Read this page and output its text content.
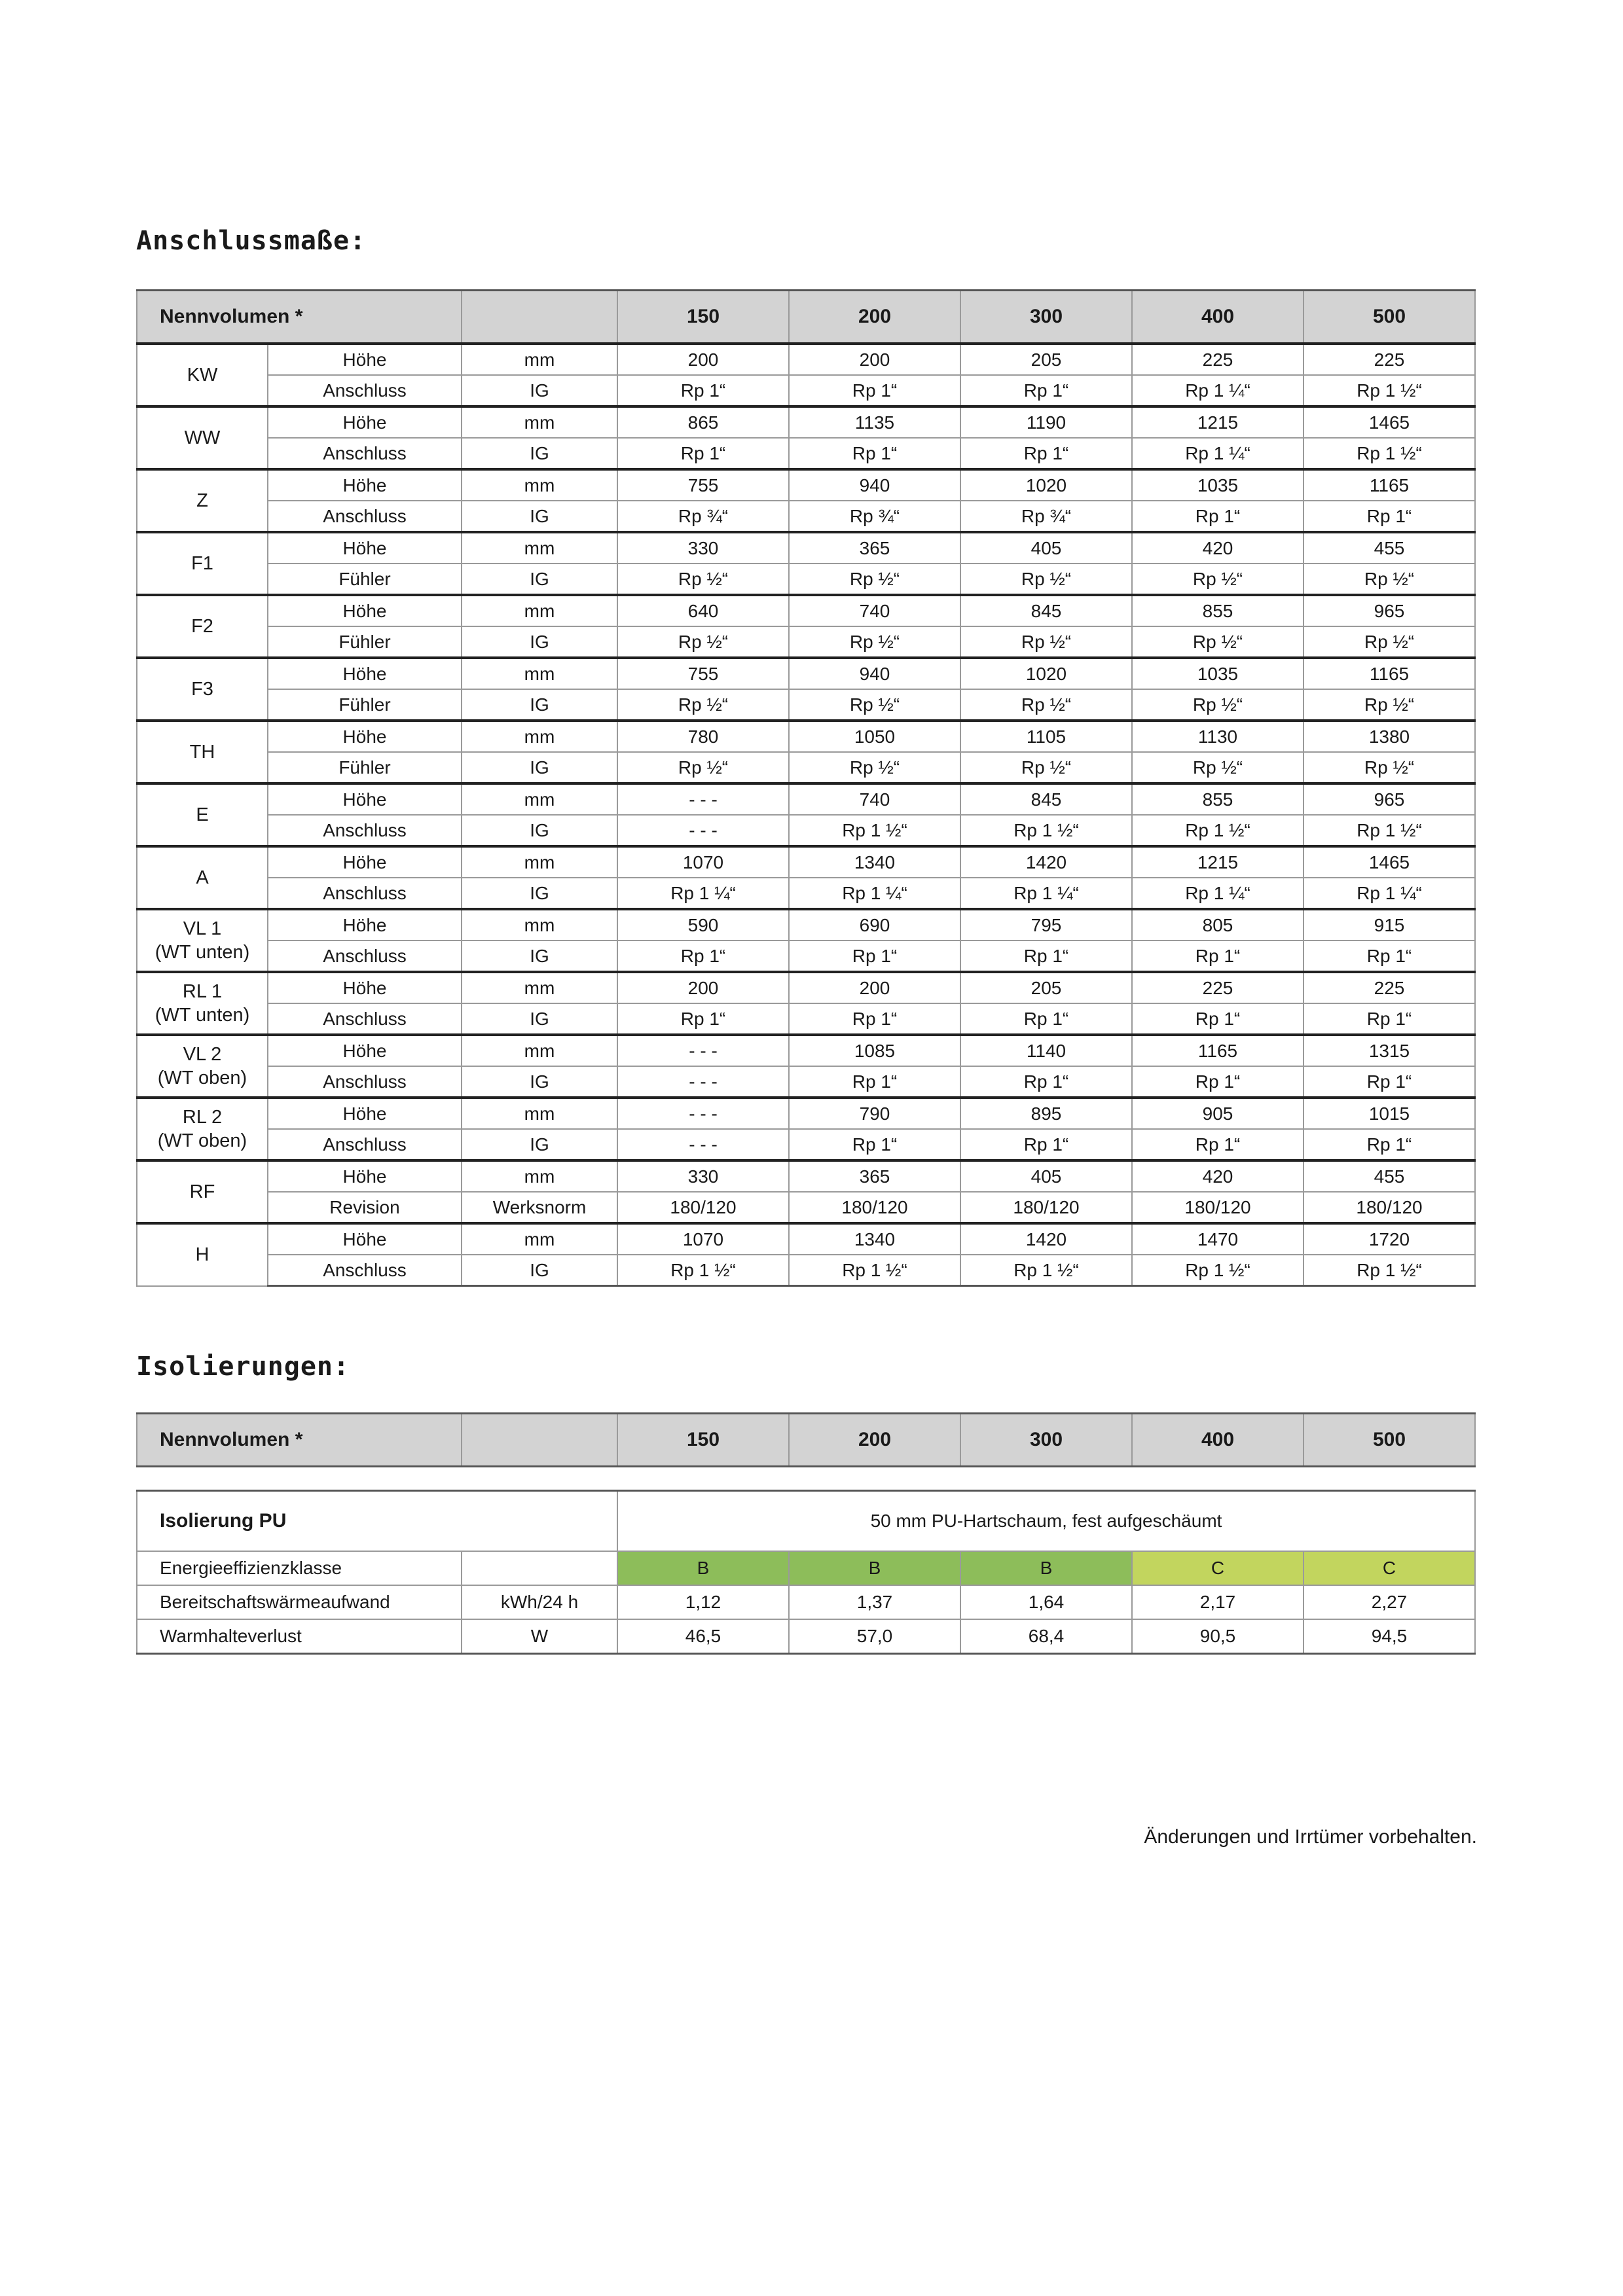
Anschlussmaße:
Nennvolumen *			150	200	300	400	500
KW	Höhe	mm	200	200	205	225	225
	Anschluss	IG	Rp 1“	Rp 1“	Rp 1“	Rp 1 ¼“	Rp 1 ½“
WW	Höhe	mm	865	1135	1190	1215	1465
	Anschluss	IG	Rp 1“	Rp 1“	Rp 1“	Rp 1 ¼“	Rp 1 ½“
Z	Höhe	mm	755	940	1020	1035	1165
	Anschluss	IG	Rp ¾“	Rp ¾“	Rp ¾“	Rp 1“	Rp 1“
F1	Höhe	mm	330	365	405	420	455
	Fühler	IG	Rp ½“	Rp ½“	Rp ½“	Rp ½“	Rp ½“
F2	Höhe	mm	640	740	845	855	965
	Fühler	IG	Rp ½“	Rp ½“	Rp ½“	Rp ½“	Rp ½“
F3	Höhe	mm	755	940	1020	1035	1165
	Fühler	IG	Rp ½“	Rp ½“	Rp ½“	Rp ½“	Rp ½“
TH	Höhe	mm	780	1050	1105	1130	1380
	Fühler	IG	Rp ½“	Rp ½“	Rp ½“	Rp ½“	Rp ½“
E	Höhe	mm	- - -	740	845	855	965
	Anschluss	IG	- - -	Rp 1 ½“	Rp 1 ½“	Rp 1 ½“	Rp 1 ½“
A	Höhe	mm	1070	1340	1420	1215	1465
	Anschluss	IG	Rp 1 ¼“	Rp 1 ¼“	Rp 1 ¼“	Rp 1 ¼“	Rp 1 ¼“
VL 1
(WT unten)	Höhe	mm	590	690	795	805	915
	Anschluss	IG	Rp 1“	Rp 1“	Rp 1“	Rp 1“	Rp 1“
RL 1
(WT unten)	Höhe	mm	200	200	205	225	225
	Anschluss	IG	Rp 1“	Rp 1“	Rp 1“	Rp 1“	Rp 1“
VL 2
(WT oben)	Höhe	mm	- - -	1085	1140	1165	1315
	Anschluss	IG	- - -	Rp 1“	Rp 1“	Rp 1“	Rp 1“
RL 2
(WT oben)	Höhe	mm	- - -	790	895	905	1015
	Anschluss	IG	- - -	Rp 1“	Rp 1“	Rp 1“	Rp 1“
RF	Höhe	mm	330	365	405	420	455
	Revision	Werksnorm	180/120	180/120	180/120	180/120	180/120
H	Höhe	mm	1070	1340	1420	1470	1720
	Anschluss	IG	Rp 1 ½“	Rp 1 ½“	Rp 1 ½“	Rp 1 ½“	Rp 1 ½“
Isolierungen:
Nennvolumen *		150	200	300	400	500

Isolierung PU		50 mm PU-Hartschaum, fest aufgeschäumt				
Energieeffizienzklasse		B	B	B	C	C
Bereitschaftswärmeaufwand	kWh/24 h	1,12	1,37	1,64	2,17	2,27
Warmhalteverlust	W	46,5	57,0	68,4	90,5	94,5
Änderungen und Irrtümer vorbehalten.
